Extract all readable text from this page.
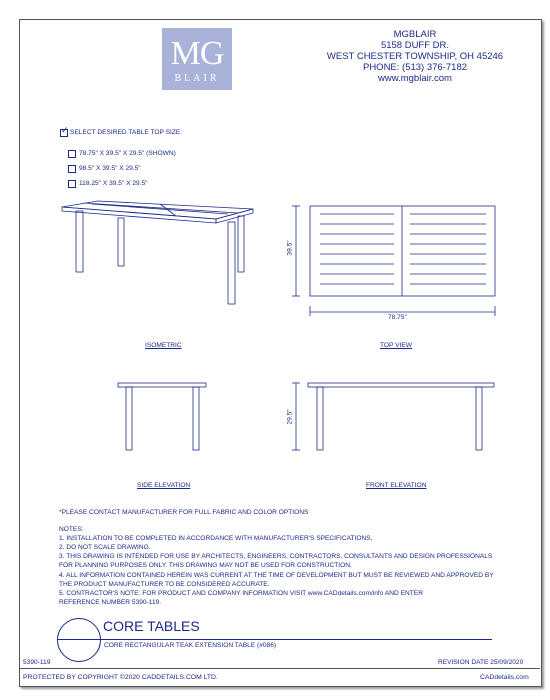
MG
BLAIR
MGBLAIR
5158 DUFF DR.
WEST CHESTER TOWNSHIP, OH 45246
PHONE: (513) 376-7182
www.mgblair.com
✓ SELECT DESIRED TABLE TOP SIZE:
78.75" X 39.5" X 29.5" (SHOWN)
98.5" X 39.5" X 29.5"
118.25" X 39.5" X 29.5"
39.5"
78.75"
29.5"
ISOMETRIC	TOP VIEW
SIDE ELEVATION	FRONT ELEVATION
*PLEASE CONTACT MANUFACTURER FOR FULL FABRIC AND COLOR OPTIONS
NOTES:
1. INSTALLATION TO BE COMPLETED IN ACCORDANCE WITH MANUFACTURER'S SPECIFICATIONS.
2. DO NOT SCALE DRAWING.
3. THIS DRAWING IS INTENDED FOR USE BY ARCHITECTS, ENGINEERS, CONTRACTORS, CONSULTANTS AND DESIGN PROFESSIONALS
FOR PLANNING PURPOSES ONLY. THIS DRAWING MAY NOT BE USED FOR CONSTRUCTION.
4. ALL INFORMATION CONTAINED HEREIN WAS CURRENT AT THE TIME OF DEVELOPMENT BUT MUST BE REVIEWED AND APPROVED BY
THE PRODUCT MANUFACTURER TO BE CONSIDERED ACCURATE.
5. CONTRACTOR'S NOTE: FOR PRODUCT AND COMPANY INFORMATION VISIT www.CADdetails.com/info AND ENTER
REFERENCE NUMBER 5390-119.
CORE TABLES
CORE RECTANGULAR TEAK EXTENSION TABLE (#086)
5390-119	REVISION DATE 25/09/2020
PROTECTED BY COPYRIGHT ©2020 CADDETAILS.COM LTD.	CADdetails.com
